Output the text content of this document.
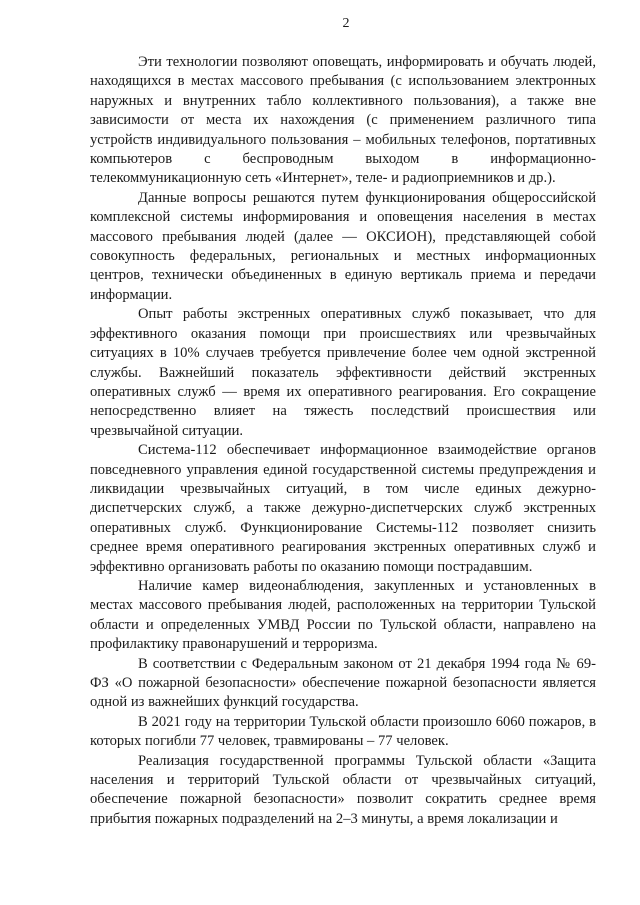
2

Эти технологии позволяют оповещать, информировать и обучать людей, находящихся в местах массового пребывания (с использованием электронных наружных и внутренних табло коллективного пользования), а также вне зависимости от места их нахождения (с применением различного типа устройств индивидуального пользования – мобильных телефонов, портативных компьютеров с беспроводным выходом в информационно-телекоммуникационную сеть «Интернет», теле- и радиоприемников и др.).

Данные вопросы решаются путем функционирования общероссийской комплексной системы информирования и оповещения населения в местах массового пребывания людей (далее — ОКСИОН), представляющей собой совокупность федеральных, региональных и местных информационных центров, технически объединенных в единую вертикаль приема и передачи информации.

Опыт работы экстренных оперативных служб показывает, что для эффективного оказания помощи при происшествиях или чрезвычайных ситуациях в 10% случаев требуется привлечение более чем одной экстренной службы. Важнейший показатель эффективности действий экстренных оперативных служб — время их оперативного реагирования. Его сокращение непосредственно влияет на тяжесть последствий происшествия или чрезвычайной ситуации.

Система-112 обеспечивает информационное взаимодействие органов повседневного управления единой государственной системы предупреждения и ликвидации чрезвычайных ситуаций, в том числе единых дежурно-диспетчерских служб, а также дежурно-диспетчерских служб экстренных оперативных служб. Функционирование Системы-112 позволяет снизить среднее время оперативного реагирования экстренных оперативных служб и эффективно организовать работы по оказанию помощи пострадавшим.

Наличие камер видеонаблюдения, закупленных и установленных в местах массового пребывания людей, расположенных на территории Тульской области и определенных УМВД России по Тульской области, направлено на профилактику правонарушений и терроризма.

В соответствии с Федеральным законом от 21 декабря 1994 года № 69-ФЗ «О пожарной безопасности» обеспечение пожарной безопасности является одной из важнейших функций государства.

В 2021 году на территории Тульской области произошло 6060 пожаров, в которых погибли 77 человек, травмированы – 77 человек.

Реализация государственной программы Тульской области «Защита населения и территорий Тульской области от чрезвычайных ситуаций, обеспечение пожарной безопасности» позволит сократить среднее время прибытия пожарных подразделений на 2–3 минуты, а время локализации и
